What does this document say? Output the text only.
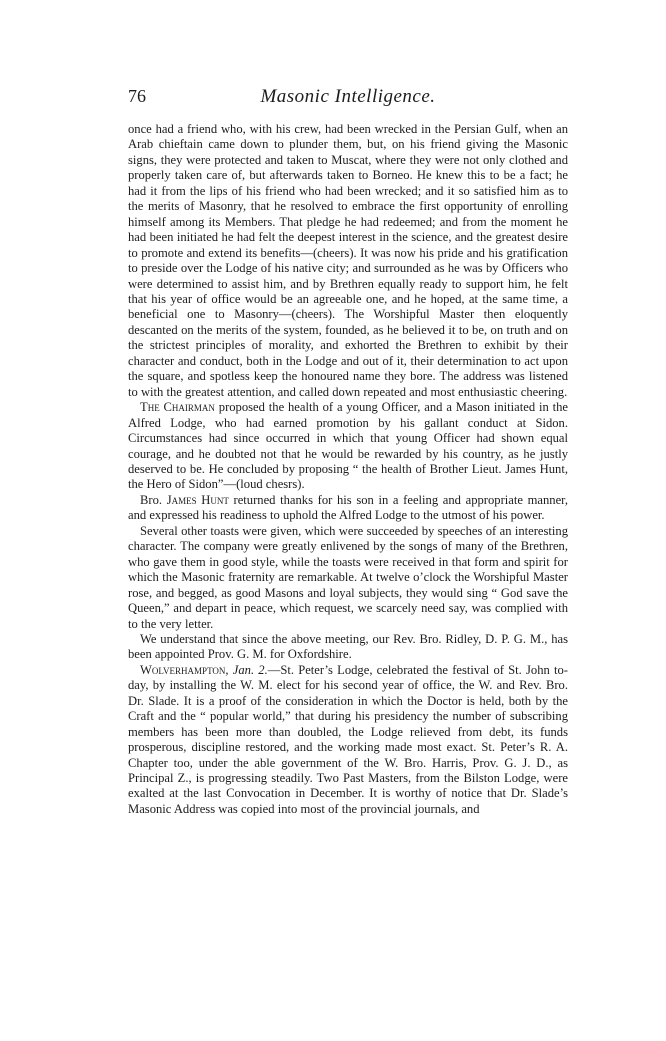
76	Masonic Intelligence.

once had a friend who, with his crew, had been wrecked in the Persian Gulf, when an Arab chieftain came down to plunder them, but, on his friend giving the Masonic signs, they were protected and taken to Muscat, where they were not only clothed and properly taken care of, but afterwards taken to Borneo. He knew this to be a fact; he had it from the lips of his friend who had been wrecked; and it so satisfied him as to the merits of Masonry, that he resolved to embrace the first opportunity of enrolling himself among its Members. That pledge he had redeemed; and from the moment he had been initiated he had felt the deepest interest in the science, and the greatest desire to promote and extend its benefits—(cheers). It was now his pride and his gratification to preside over the Lodge of his native city; and surrounded as he was by Officers who were determined to assist him, and by Brethren equally ready to support him, he felt that his year of office would be an agreeable one, and he hoped, at the same time, a beneficial one to Masonry—(cheers). The Worshipful Master then eloquently descanted on the merits of the system, founded, as he believed it to be, on truth and on the strictest principles of morality, and exhorted the Brethren to exhibit by their character and conduct, both in the Lodge and out of it, their determination to act upon the square, and spotless keep the honoured name they bore. The address was listened to with the greatest attention, and called down repeated and most enthusiastic cheering.

The Chairman proposed the health of a young Officer, and a Mason initiated in the Alfred Lodge, who had earned promotion by his gallant conduct at Sidon. Circumstances had since occurred in which that young Officer had shown equal courage, and he doubted not that he would be rewarded by his country, as he justly deserved to be. He concluded by proposing “ the health of Brother Lieut. James Hunt, the Hero of Sidon”—(loud chesrs).

Bro. James Hunt returned thanks for his son in a feeling and appropriate manner, and expressed his readiness to uphold the Alfred Lodge to the utmost of his power.

Several other toasts were given, which were succeeded by speeches of an interesting character. The company were greatly enlivened by the songs of many of the Brethren, who gave them in good style, while the toasts were received in that form and spirit for which the Masonic fraternity are remarkable. At twelve o’clock the Worshipful Master rose, and begged, as good Masons and loyal subjects, they would sing “ God save the Queen,” and depart in peace, which request, we scarcely need say, was complied with to the very letter.

We understand that since the above meeting, our Rev. Bro. Ridley, D. P. G. M., has been appointed Prov. G. M. for Oxfordshire.

Wolverhampton, Jan. 2.—St. Peter’s Lodge, celebrated the festival of St. John to-day, by installing the W. M. elect for his second year of office, the W. and Rev. Bro. Dr. Slade. It is a proof of the consideration in which the Doctor is held, both by the Craft and the “ popular world,” that during his presidency the number of subscribing members has been more than doubled, the Lodge relieved from debt, its funds prosperous, discipline restored, and the working made most exact. St. Peter’s R. A. Chapter too, under the able government of the W. Bro. Harris, Prov. G. J. D., as Principal Z., is progressing steadily. Two Past Masters, from the Bilston Lodge, were exalted at the last Convocation in December. It is worthy of notice that Dr. Slade’s Masonic Address was copied into most of the provincial journals, and
